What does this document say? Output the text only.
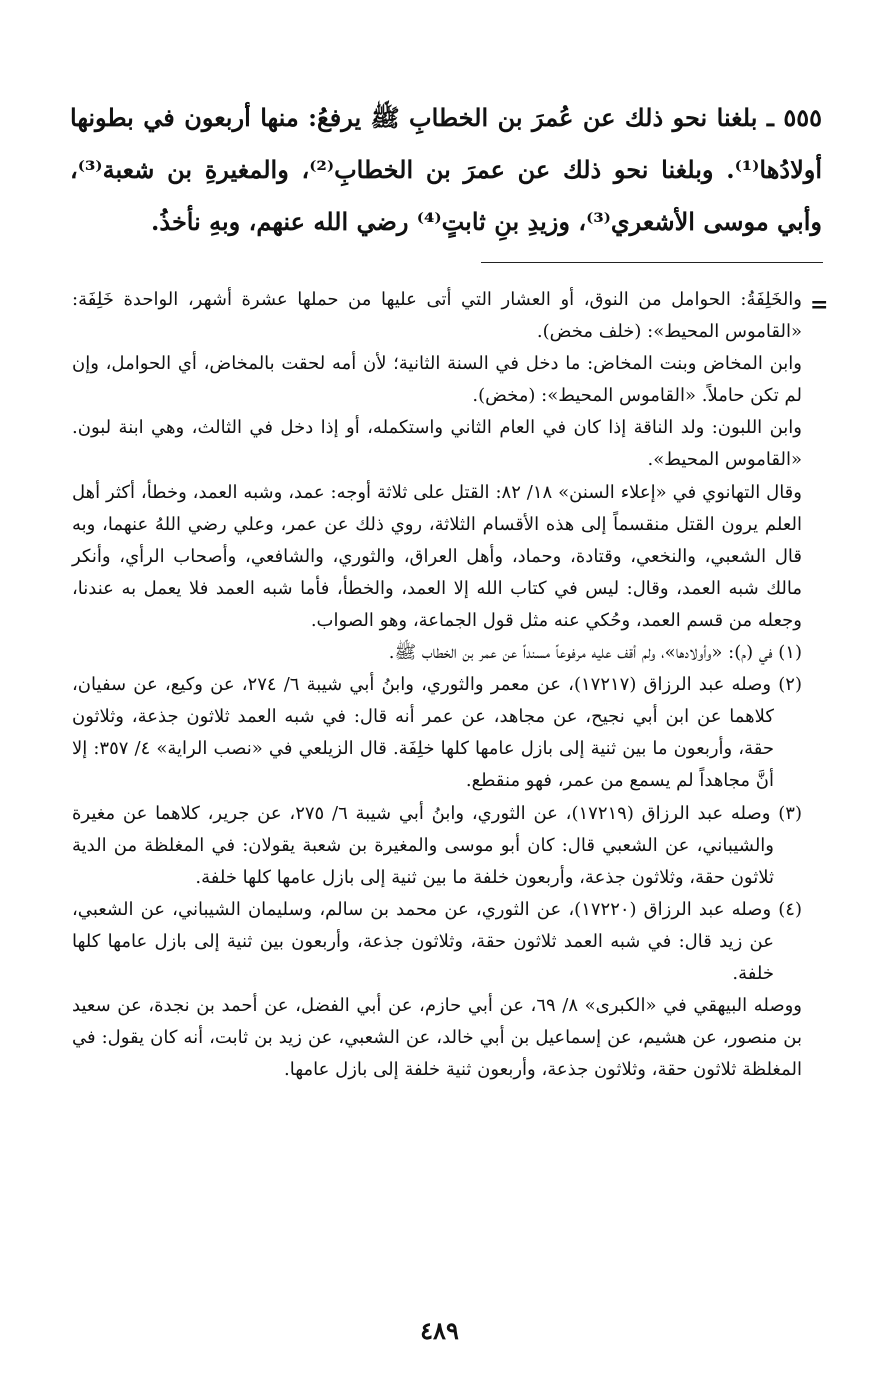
٥٥٥ ـ بلغنا نحو ذلك عن عُمرَ بن الخطابِ ﷺ يرفعُ: منها أربعون في بطونها أولادُها⁽¹⁾. وبلغنا نحو ذلك عن عمرَ بن الخطابِ⁽²⁾، والمغيرةِ بن شعبة⁽³⁾، وأبي موسى الأشعري⁽³⁾، وزيدِ بنِ ثابتٍ⁽⁴⁾ رضي الله عنهم، وبهِ نأخذُ.

=

والخَلِفَةُ: الحوامل من النوق، أو العشار التي أتى عليها من حملها عشرة أشهر، الواحدة خَلِفَة: «القاموس المحيط»: (خلف مخض).

وابن المخاض وبنت المخاض: ما دخل في السنة الثانية؛ لأن أمه لحقت بالمخاض، أي الحوامل، وإن لم تكن حاملاً. «القاموس المحيط»: (مخض).

وابن اللبون: ولد الناقة إذا كان في العام الثاني واستكمله، أو إذا دخل في الثالث، وهي ابنة لبون. «القاموس المحيط».

وقال التهانوي في «إعلاء السنن» ١٨/ ٨٢: القتل على ثلاثة أوجه: عمد، وشبه العمد، وخطأ، أكثر أهل العلم يرون القتل منقسماً إلى هذه الأقسام الثلاثة، روي ذلك عن عمر، وعلي رضي اللهُ عنهما، وبه قال الشعبي، والنخعي، وقتادة، وحماد، وأهل العراق، والثوري، والشافعي، وأصحاب الرأي، وأنكر مالك شبه العمد، وقال: ليس في كتاب الله إلا العمد، والخطأ، فأما شبه العمد فلا يعمل به عندنا، وجعله من قسم العمد، وحُكي عنه مثل قول الجماعة، وهو الصواب.

(١) في (م): «وأولادها»، ولم أقف عليه مرفوعاً مسنداً عن عمر بن الخطاب ﷺ.

(٢) وصله عبد الرزاق (١٧٢١٧)، عن معمر والثوري، وابنُ أبي شيبة ٦/ ٢٧٤، عن وكيع، عن سفيان، كلاهما عن ابن أبي نجيح، عن مجاهد، عن عمر أنه قال: في شبه العمد ثلاثون جذعة، وثلاثون حقة، وأربعون ما بين ثنية إلى بازل عامها كلها خلِفَة. قال الزيلعي في «نصب الراية» ٤/ ٣٥٧: إلا أنَّ مجاهداً لم يسمع من عمر، فهو منقطع.

(٣) وصله عبد الرزاق (١٧٢١٩)، عن الثوري، وابنُ أبي شيبة ٦/ ٢٧٥، عن جرير، كلاهما عن مغيرة والشيباني، عن الشعبي قال: كان أبو موسى والمغيرة بن شعبة يقولان: في المغلظة من الدية ثلاثون حقة، وثلاثون جذعة، وأربعون خلفة ما بين ثنية إلى بازل عامها كلها خلفة.

(٤) وصله عبد الرزاق (١٧٢٢٠)، عن الثوري، عن محمد بن سالم، وسليمان الشيباني، عن الشعبي، عن زيد قال: في شبه العمد ثلاثون حقة، وثلاثون جذعة، وأربعون بين ثنية إلى بازل عامها كلها خلفة.

ووصله البيهقي في «الكبرى» ٨/ ٦٩، عن أبي حازم، عن أبي الفضل، عن أحمد بن نجدة، عن سعيد بن منصور، عن هشيم، عن إسماعيل بن أبي خالد، عن الشعبي، عن زيد بن ثابت، أنه كان يقول: في المغلظة ثلاثون حقة، وثلاثون جذعة، وأربعون ثنية خلفة إلى بازل عامها.

٤٨٩
